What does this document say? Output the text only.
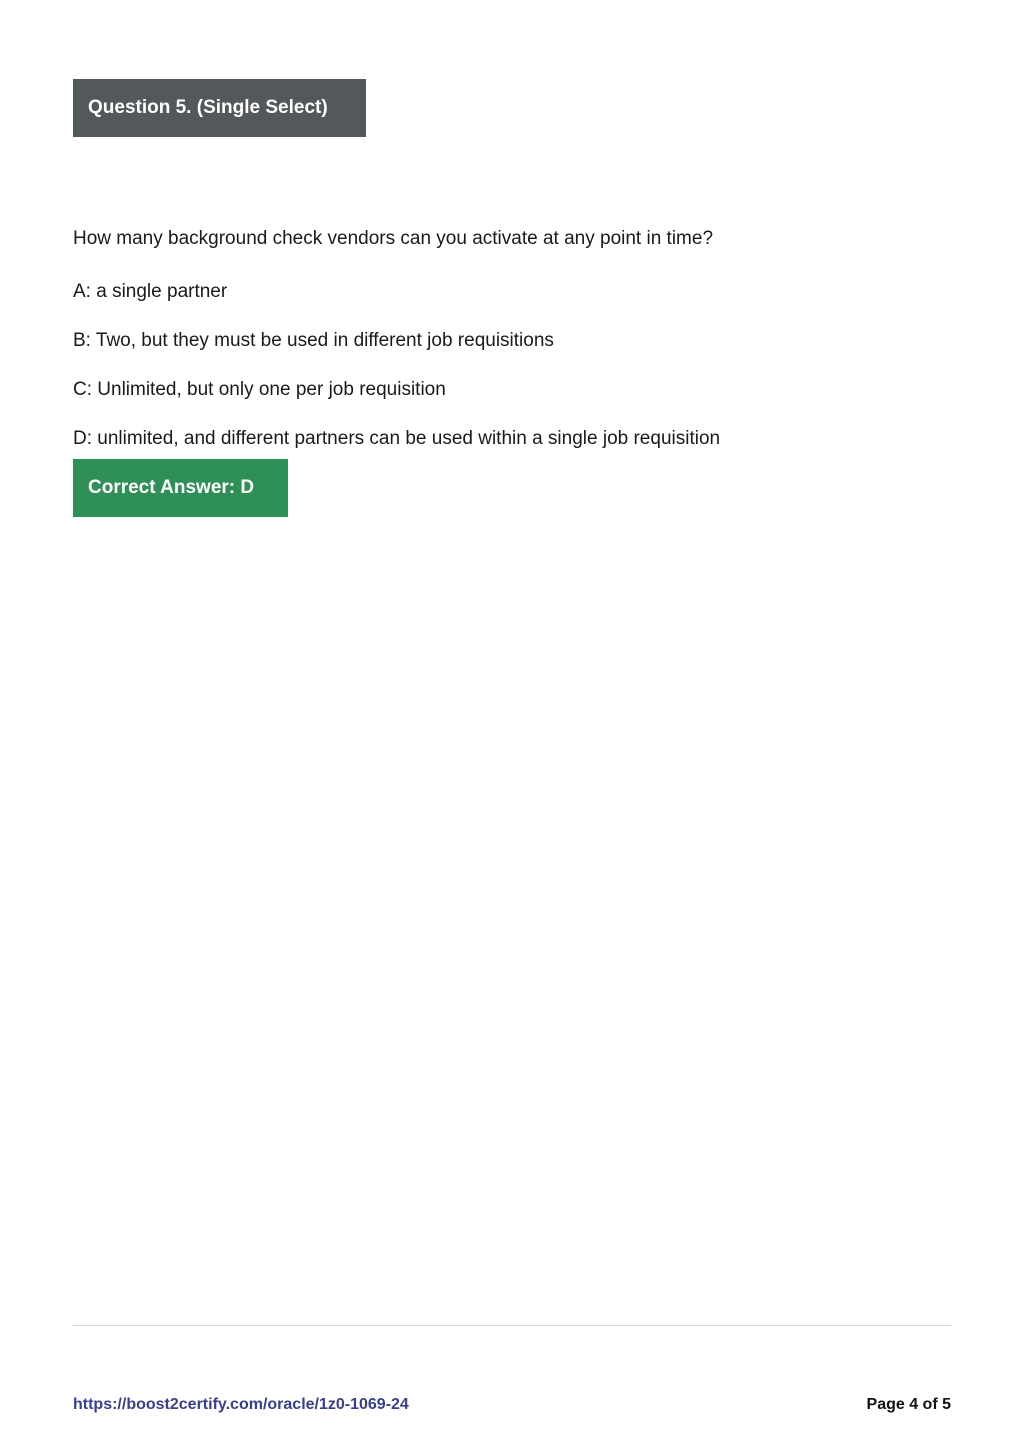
Question 5. (Single Select)
How many background check vendors can you activate at any point in time?
A: a single partner
B: Two, but they must be used in different job requisitions
C: Unlimited, but only one per job requisition
D: unlimited, and different partners can be used within a single job requisition
Correct Answer: D
https://boost2certify.com/oracle/1z0-1069-24	Page 4 of 5
